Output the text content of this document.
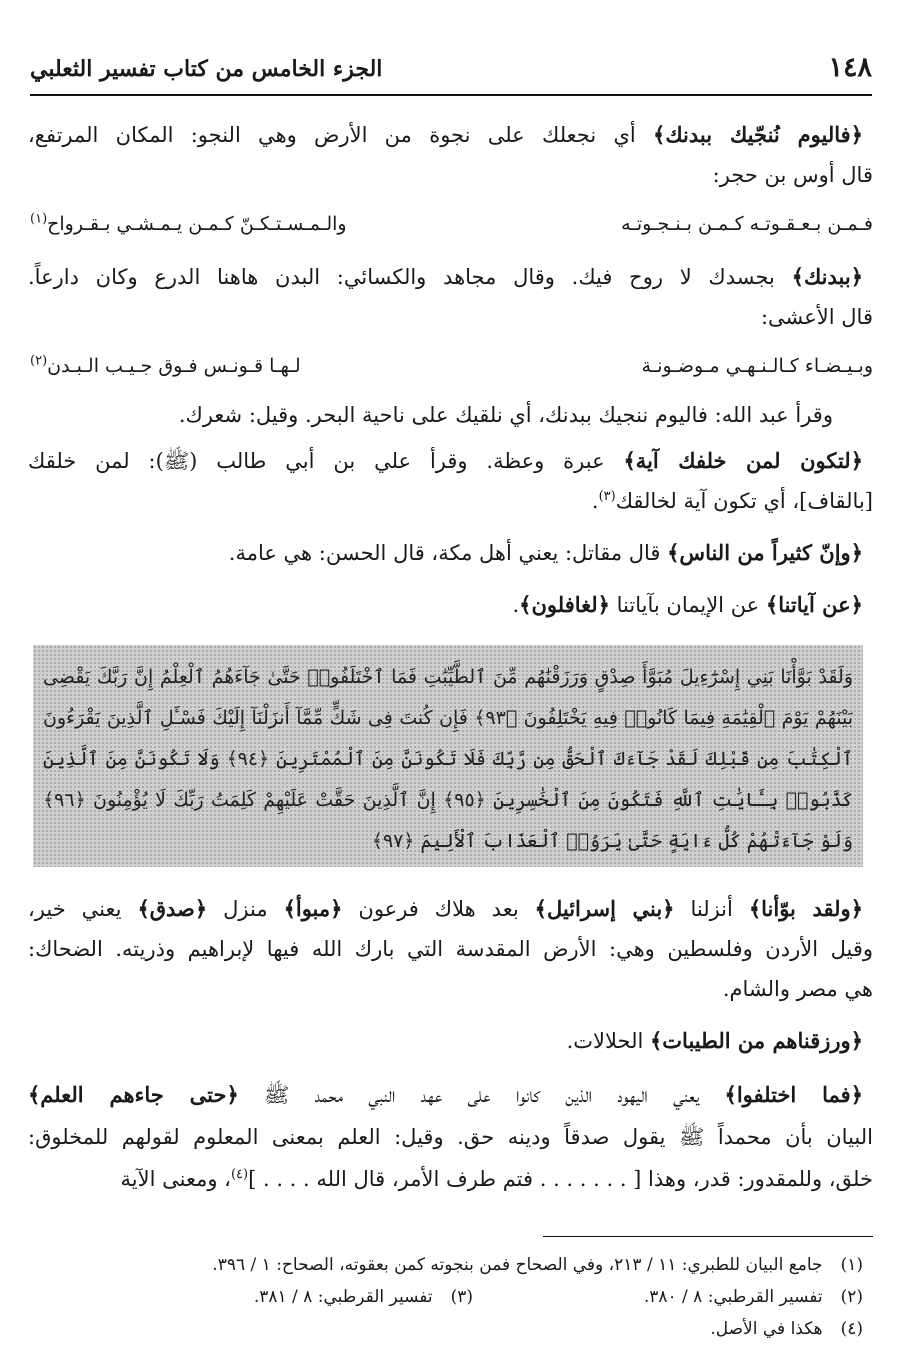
١٤٨
الجزء الخامس من كتاب تفسير الثعلبي
﴿فاليوم نُنجّيك ببدنك﴾ أي نجعلك على نجوة من الأرض وهي النجو: المكان المرتفع،
قال أوس بن حجر:
فـمـن بـعـقـوتـه كـمـن بـنـجـوتـه
والـمـسـتـكـنّ كـمـن يـمـشـي بـقـرواح$^{(١)}$
﴿ببدنك﴾ بجسدك لا روح فيك. وقال مجاهد والكسائي: البدن هاهنا الدرع وكان دارعاً.
قال الأعشى:
وبـيـضـاء كـالـنـهـي مـوضـونـة
لـهـا قـونـس فـوق جـيـب الـبـدن$^{(٢)}$
وقرأ عبد الله: فاليوم ننجيك ببدنك، أي نلقيك على ناحية البحر. وقيل: شعرك.
﴿لتكون لمن خلفك آية﴾ عبرة وعظة. وقرأ علي بن أبي طالب (ﷺ): لمن خلقك
[بالقاف]، أي تكون آية لخالقك$^{(٣)}$.
﴿وإنّ كثيراً من الناس﴾ قال مقاتل: يعني أهل مكة، قال الحسن: هي عامة.
﴿عن آياتنا﴾ عن الإيمان بآياتنا ﴿لغافلون﴾.
وَلَقَدْ بَوَّأْنَا بَنِي إِسْرَٰٓءِيلَ مُبَوَّأَ صِدْقٍ وَرَزَقْنَٰهُم مِّنَ ٱلطَّيِّبَٰتِ فَمَا ٱخْتَلَفُوا۟ حَتَّىٰ جَآءَهُمُ ٱلْعِلْمُ إِنَّ رَبَّكَ يَقْضِى
بَيْنَهُمْ يَوْمَ ٱلْقِيَٰمَةِ فِيمَا كَانُوا۟ فِيهِ يَخْتَلِفُونَ ﴿٩٣﴾ فَإِن كُنتَ فِى شَكٍّ مِّمَّآ أَنزَلْنَآ إِلَيْكَ فَسْـَٔلِ ٱلَّذِينَ يَقْرَءُونَ
ٱلْكِتَٰبَ مِن قَبْلِكَ لَقَدْ جَآءَكَ ٱلْحَقُّ مِن رَّبِّكَ فَلَا تَكُونَنَّ مِنَ ٱلْمُمْتَرِينَ ﴿٩٤﴾ وَلَا تَكُونَنَّ مِنَ ٱلَّذِينَ
كَذَّبُوا۟ بِـَٔايَٰتِ ٱللَّهِ فَتَكُونَ مِنَ ٱلْخَٰسِرِينَ ﴿٩٥﴾ إِنَّ ٱلَّذِينَ حَقَّتْ عَلَيْهِمْ كَلِمَتُ رَبِّكَ لَا يُؤْمِنُونَ ﴿٩٦﴾
وَلَوْ جَآءَتْهُمْ كُلُّ ءَايَةٍ حَتَّىٰ يَرَوُا۟ ٱلْعَذَابَ ٱلْأَلِيمَ ﴿٩٧﴾
﴿ولقد بوّأنا﴾ أنزلنا ﴿بني إسرائيل﴾ بعد هلاك فرعون ﴿مبوأ﴾ منزل ﴿صدق﴾ يعني خير،
وقيل الأردن وفلسطين وهي: الأرض المقدسة التي بارك الله فيها لإبراهيم وذريته. الضحاك:
هي مصر والشام.
﴿ورزقناهم من الطيبات﴾ الحلالات.
﴿فما اختلفوا﴾ يعني اليهود الذين كانوا على عهد النبي محمد ﷺ ﴿حتى جاءهم العلم﴾
البيان بأن محمداً ﷺ يقول صدقاً ودينه حق. وقيل: العلم بمعنى المعلوم لقولهم للمخلوق:
خلق، وللمقدور: قدر، وهذا [ . . . . . . . فتم طرف الأمر، قال الله . . . . ]$^{(٤)}$، ومعنى الآية
(١)جامع البيان للطبري: ١١ / ٢١٣، وفي الصحاح فمن بنجوته كمن بعقوته، الصحاح: ١ / ٣٩٦.
(٢)تفسير القرطبي: ٨ / ٣٨٠.
(٣)تفسير القرطبي: ٨ / ٣٨١.
(٤)هكذا في الأصل.
